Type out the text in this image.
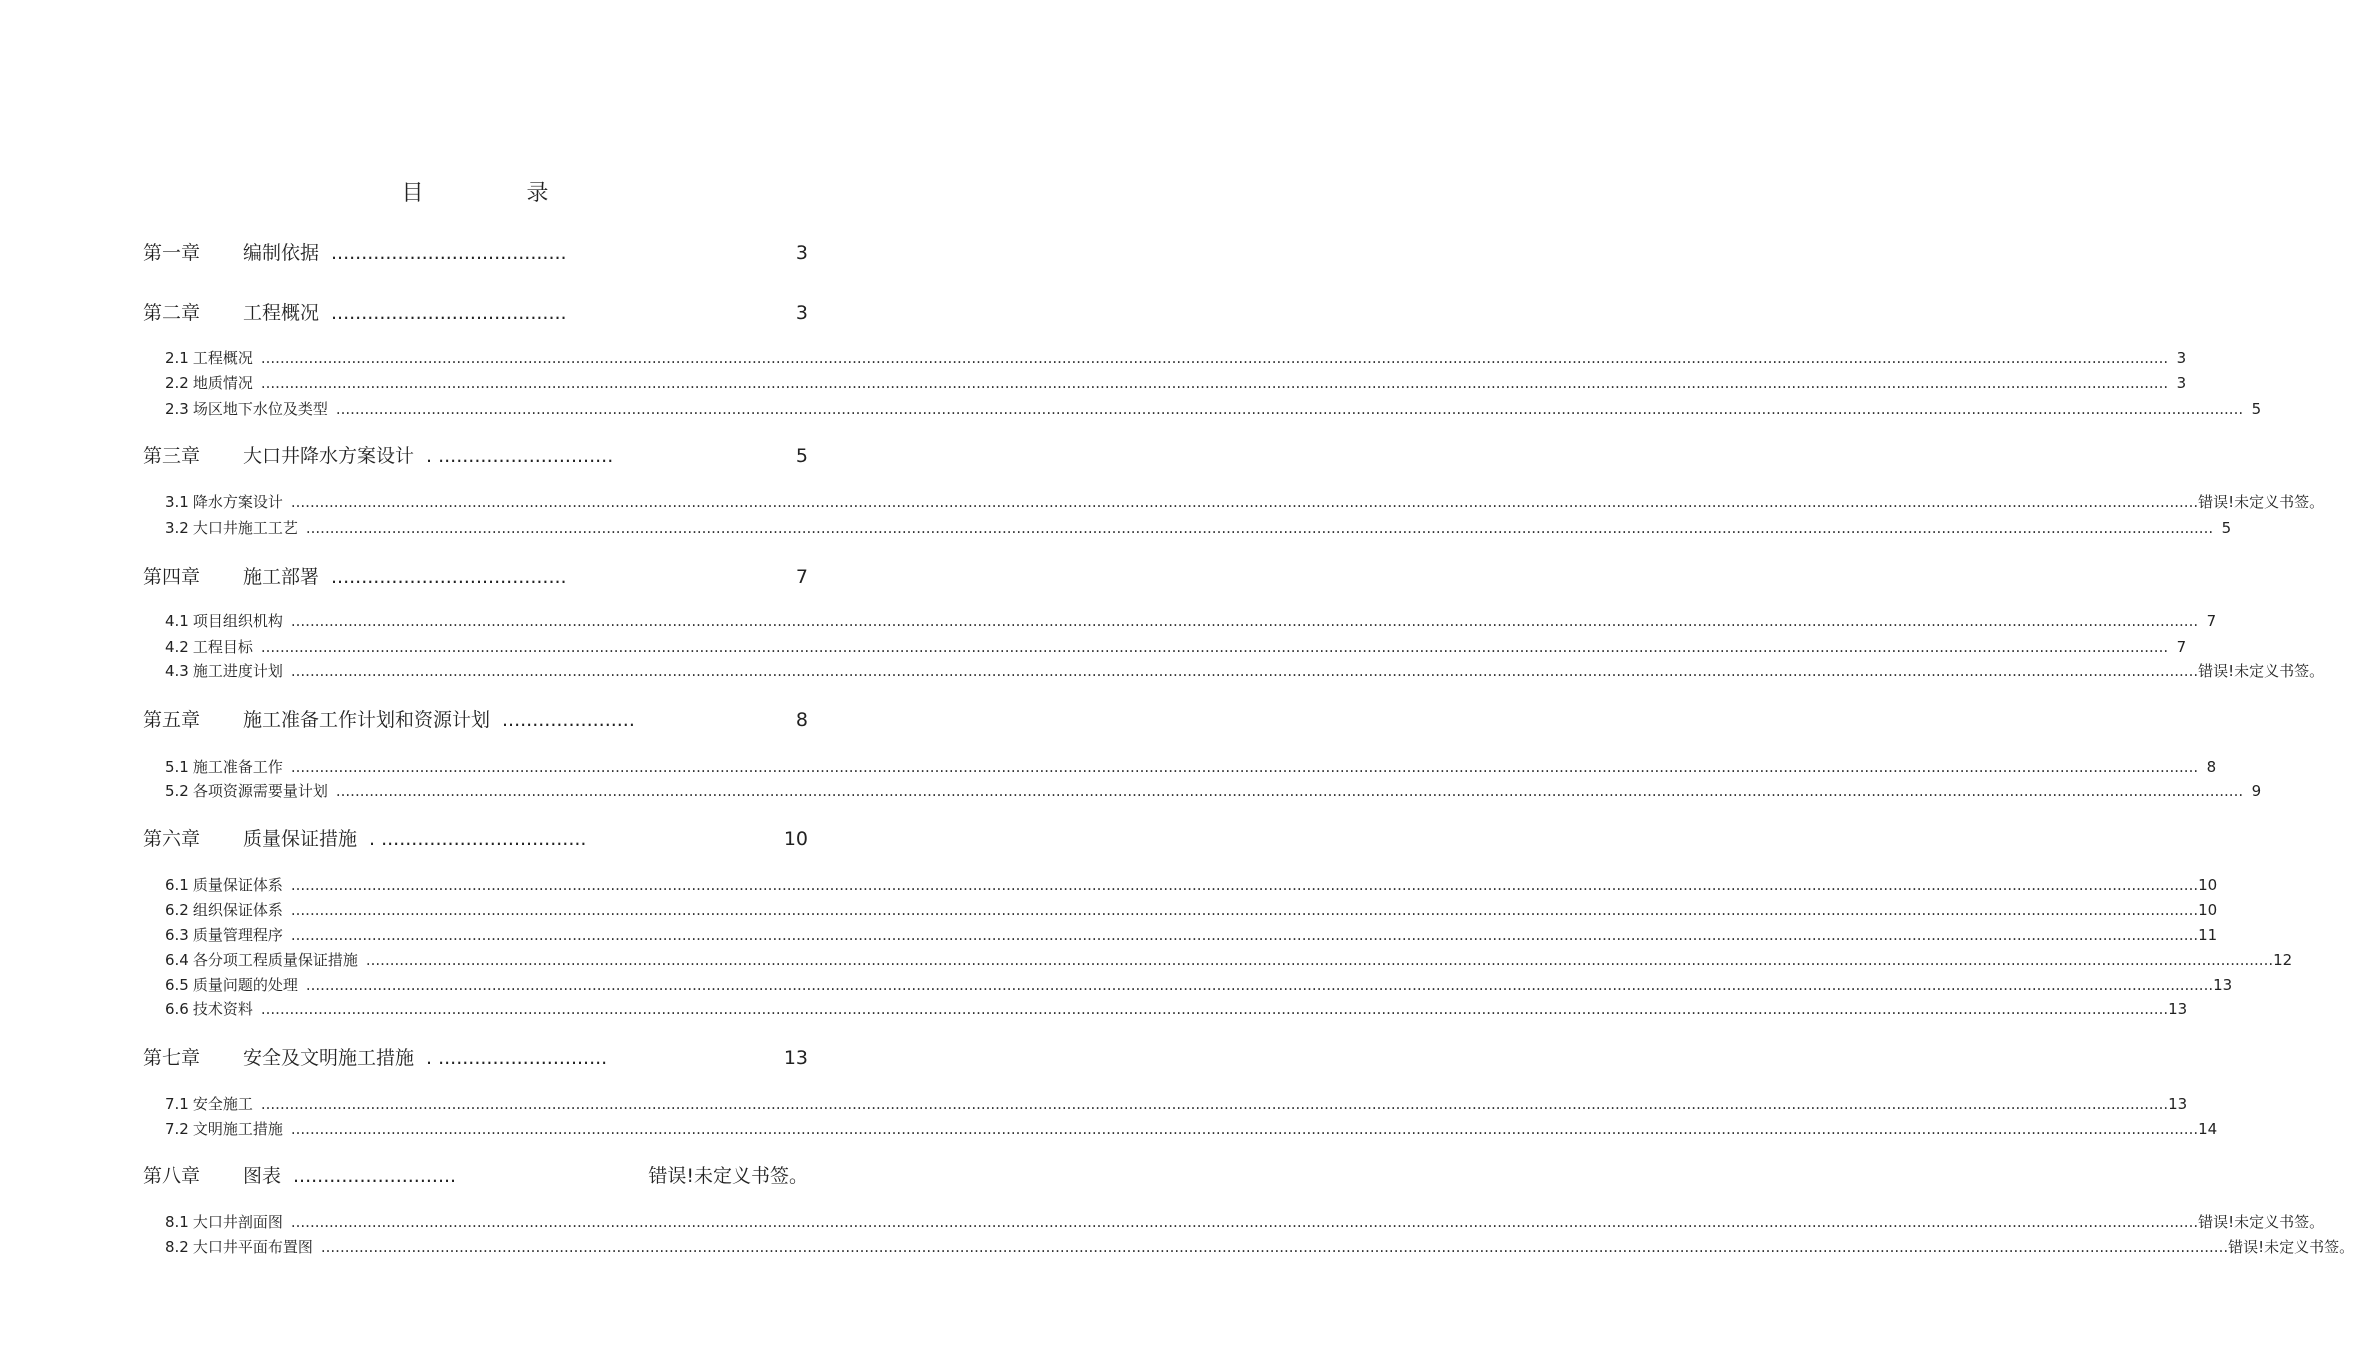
目 录
第一章	编制依据 .......................................	3
第二章	工程概况 .......................................	3
2.1 工程概况 ................................................................................................................................................................................................................................................................................................................................................................................................................ 3
2.2 地质情况 ................................................................................................................................................................................................................................................................................................................................................................................................................ 3
2.3 场区地下水位及类型 ................................................................................................................................................................................................................................................................................................................................................................................................................ 5
第三章	大口井降水方案设计 . .............................	5
3.1 降水方案设计 ................................................................................................................................................................................................................................................................................................................................................................................................................ 错误!未定义书签。
3.2 大口井施工工艺 ................................................................................................................................................................................................................................................................................................................................................................................................................ 5
第四章	施工部署 .......................................	7
4.1 项目组织机构 ................................................................................................................................................................................................................................................................................................................................................................................................................ 7
4.2 工程目标 ................................................................................................................................................................................................................................................................................................................................................................................................................ 7
4.3 施工进度计划 ................................................................................................................................................................................................................................................................................................................................................................................................................ 错误!未定义书签。
第五章	施工准备工作计划和资源计划 ......................	8
5.1 施工准备工作 ................................................................................................................................................................................................................................................................................................................................................................................................................ 8
5.2 各项资源需要量计划 ................................................................................................................................................................................................................................................................................................................................................................................................................ 9
第六章	质量保证措施 . ..................................	10
6.1 质量保证体系 ................................................................................................................................................................................................................................................................................................................................................................................................................ 10
6.2 组织保证体系 ................................................................................................................................................................................................................................................................................................................................................................................................................ 10
6.3 质量管理程序 ................................................................................................................................................................................................................................................................................................................................................................................................................ 11
6.4 各分项工程质量保证措施 ................................................................................................................................................................................................................................................................................................................................................................................................................ 12
6.5 质量问题的处理 ................................................................................................................................................................................................................................................................................................................................................................................................................ 13
6.6 技术资料 ................................................................................................................................................................................................................................................................................................................................................................................................................ 13
第七章	安全及文明施工措施 . ............................	13
7.1 安全施工 ................................................................................................................................................................................................................................................................................................................................................................................................................ 13
7.2 文明施工措施 ................................................................................................................................................................................................................................................................................................................................................................................................................ 14
第八章	图表 ...........................	错误!未定义书签。
8.1 大口井剖面图 ................................................................................................................................................................................................................................................................................................................................................................................................................ 错误!未定义书签。
8.2 大口井平面布置图 ................................................................................................................................................................................................................................................................................................................................................................................................................ 错误!未定义书签。
